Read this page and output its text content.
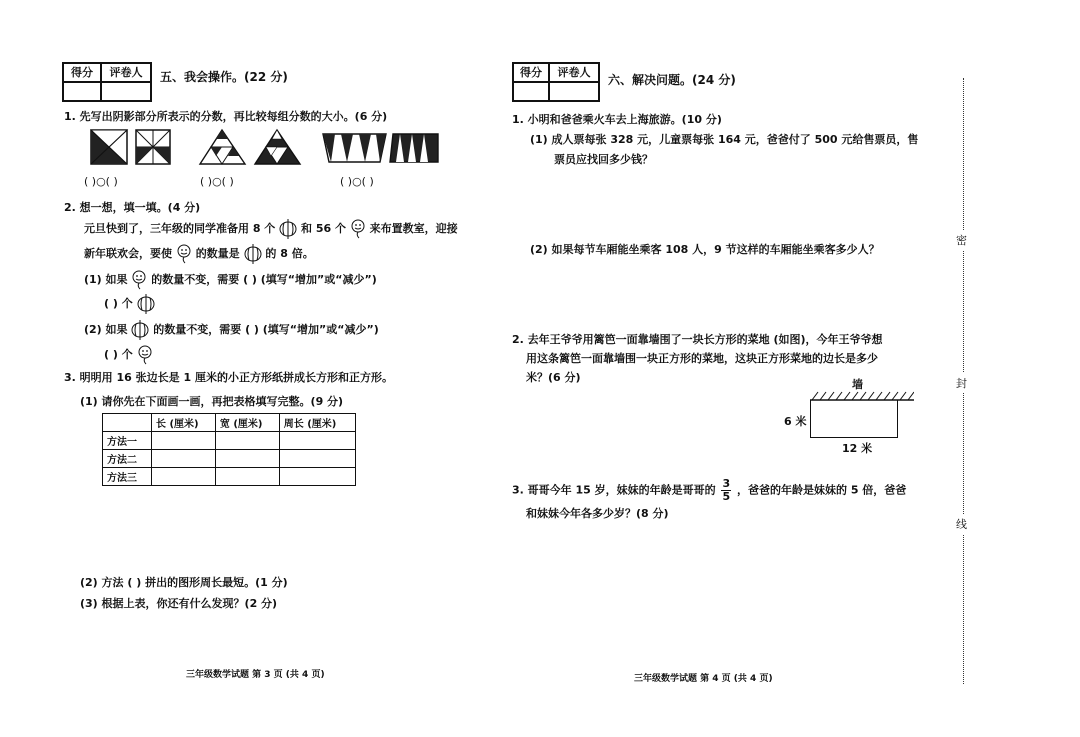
得分	评卷人	五、我会操作。(22 分)
1. 先写出阴影部分所表示的分数，再比较每组分数的大小。(6 分)
( )○( )	( )○( )	( )○( )
2. 想一想，填一填。(4 分)
元旦快到了，三年级的同学准备用 8 个 和 56 个 来布置教室，迎接
新年联欢会，要使 的数量是 的 8 倍。
(1) 如果 的数量不变，需要 ( ) (填写“增加”或“减少”)
( ) 个
(2) 如果 的数量不变，需要 ( ) (填写“增加”或“减少”)
( ) 个
3. 明明用 16 张边长是 1 厘米的小正方形纸拼成长方形和正方形。
(1) 请你先在下面画一画，再把表格填写完整。(9 分)
	长 (厘米)	宽 (厘米)	周长 (厘米)
方法一			
方法二			
方法三			
(2) 方法 ( ) 拼出的图形周长最短。(1 分)
(3) 根据上表，你还有什么发现？(2 分)
三年级数学试题 第 3 页 (共 4 页)
得分	评卷人
六、解决问题。(24 分)
1. 小明和爸爸乘火车去上海旅游。(10 分)
(1) 成人票每张 328 元，儿童票每张 164 元，爸爸付了 500 元给售票员，售
票员应找回多少钱？
(2) 如果每节车厢能坐乘客 108 人，9 节这样的车厢能坐乘客多少人？
2. 去年王爷爷用篱笆一面靠墙围了一块长方形的菜地 (如图)，今年王爷爷想
用这条篱笆一面靠墙围一块正方形的菜地，这块正方形菜地的边长是多少
米？(6 分)
墙
6 米
12 米
3. 哥哥今年 15 岁，妹妹的年龄是哥哥的 $\frac{3}{5}$ ，爸爸的年龄是妹妹的 5 倍，爸爸
和妹妹今年各多少岁？(8 分)
三年级数学试题 第 4 页 (共 4 页)
密
封
线
